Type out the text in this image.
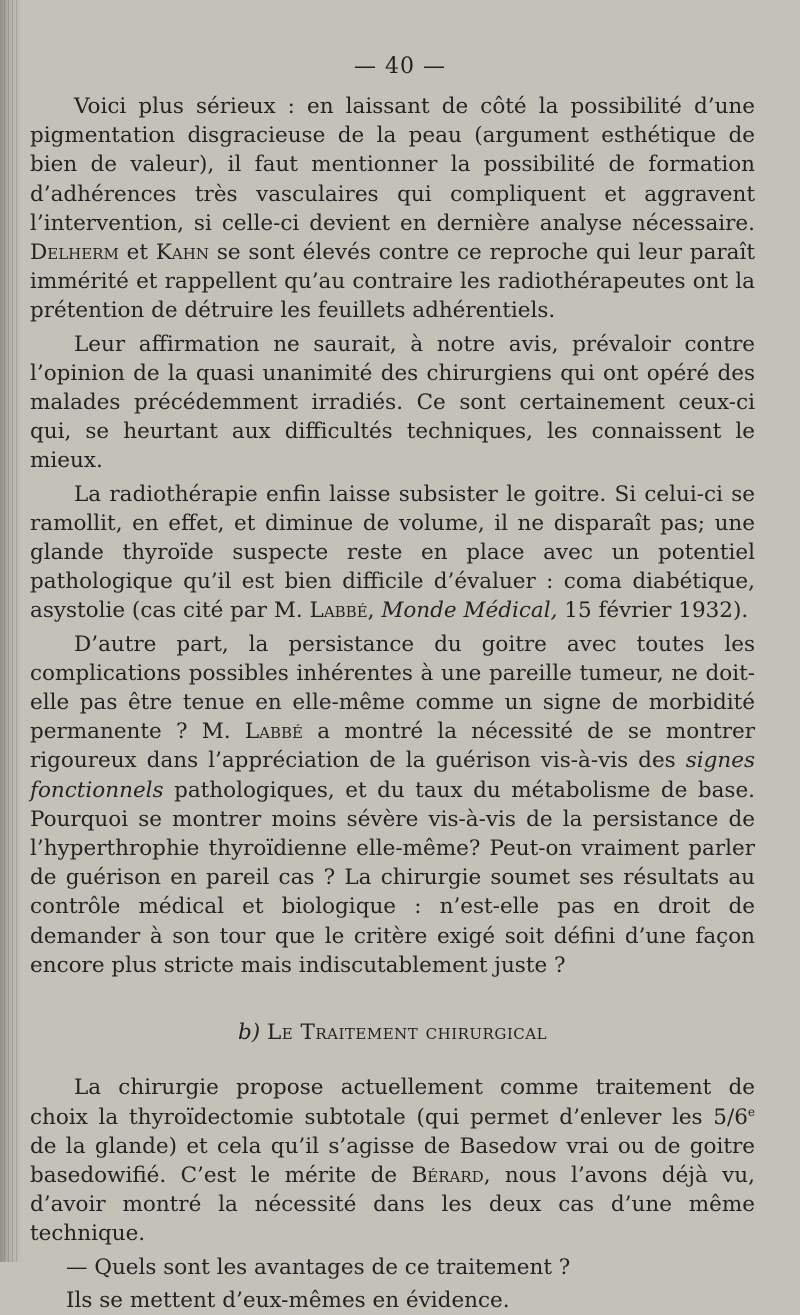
— 40 —

Voici plus sérieux : en laissant de côté la possibilité d’une pigmentation disgracieuse de la peau (argument esthétique de bien de valeur), il faut mentionner la possibilité de formation d’adhérences très vasculaires qui compliquent et aggravent l’intervention, si celle-ci devient en dernière analyse nécessaire. Delherm et Kahn se sont élevés contre ce reproche qui leur paraît immérité et rappellent qu’au contraire les radiothérapeutes ont la prétention de détruire les feuillets adhérentiels.

Leur affirmation ne saurait, à notre avis, prévaloir contre l’opinion de la quasi unanimité des chirurgiens qui ont opéré des malades précédemment irradiés. Ce sont certainement ceux-ci qui, se heurtant aux difficultés techniques, les connaissent le mieux.

La radiothérapie enfin laisse subsister le goitre. Si celui-ci se ramollit, en effet, et diminue de volume, il ne disparaît pas; une glande thyroïde suspecte reste en place avec un potentiel pathologique qu’il est bien difficile d’évaluer : coma diabétique, asystolie (cas cité par M. Labbé, Monde Médical, 15 février 1932).

D’autre part, la persistance du goitre avec toutes les complications possibles inhérentes à une pareille tumeur, ne doit-elle pas être tenue en elle-même comme un signe de morbidité permanente ? M. Labbé a montré la nécessité de se montrer rigoureux dans l’appréciation de la guérison vis-à-vis des signes fonctionnels pathologiques, et du taux du métabolisme de base. Pourquoi se montrer moins sévère vis-à-vis de la persistance de l’hyperthrophie thyroïdienne elle-même? Peut-on vraiment parler de guérison en pareil cas ? La chirurgie soumet ses résultats au contrôle médical et biologique : n’est-elle pas en droit de demander à son tour que le critère exigé soit défini d’une façon encore plus stricte mais indiscutablement juste ?

b) Le Traitement chirurgical

La chirurgie propose actuellement comme traitement de choix la thyroïdectomie subtotale (qui permet d’enlever les 5/6e de la glande) et cela qu’il s’agisse de Basedow vrai ou de goitre basedowifié. C’est le mérite de Bérard, nous l’avons déjà vu, d’avoir montré la nécessité dans les deux cas d’une même technique.

— Quels sont les avantages de ce traitement ?

Ils se mettent d’eux-mêmes en évidence.
